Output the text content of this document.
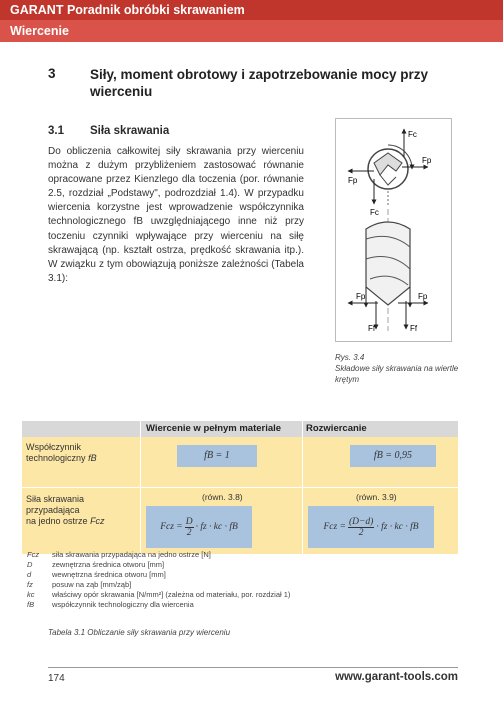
GARANT Poradnik obróbki skrawaniem
Wiercenie
3	Siły, moment obrotowy i zapotrzebowanie mocy przy wierceniu
3.1 Siła skrawania
Do obliczenia całkowitej siły skrawania przy wierceniu można z dużym przybliżeniem zastosować równanie opracowane przez Kienzlego dla toczenia (por. równanie 2.5, rozdział „Podstawy", podrozdział 1.4). W przypadku wiercenia korzystne jest wprowadzenie współczynnika technologicznego fB uwzględniającego inne niż przy toczeniu czynniki wpływające przy wierceniu na siłę skrawającą (np. kształt ostrza, prędkość skrawania itp.). W związku z tym obowiązują poniższe zależności (Tabela 3.1):
Fc
Fp
Fp
Fc
Fp	Fp
Ff	Ff
Rys. 3.4
Składowe siły skrawania na wiertle krętym
Wiercenie w pełnym materiale	Rozwiercanie
Współczynnik
technologiczny fB	fB = 1	fB = 0,95
Siła skrawania
przypadająca
na jedno ostrze Fcz
(równ. 3.8)	(równ. 3.9)
Fcz = $\frac{D}{2}$ · fz · kc · fB	Fcz = $\frac{(D-d)}{2}$ · fz · kc · fB
Fcz siła skrawania przypadająca na jedno ostrze [N]
D	zewnętrzna średnica otworu [mm]
d	wewnętrzna średnica otworu [mm]
fz	posuw na ząb [mm/ząb]
kc właściwy opór skrawania [N/mm²] (zależna od materiału, por. rozdział 1)
fB współczynnik technologiczny dla wiercenia
Tabela 3.1 Obliczanie siły skrawania przy wierceniu
174	www.garant-tools.com
